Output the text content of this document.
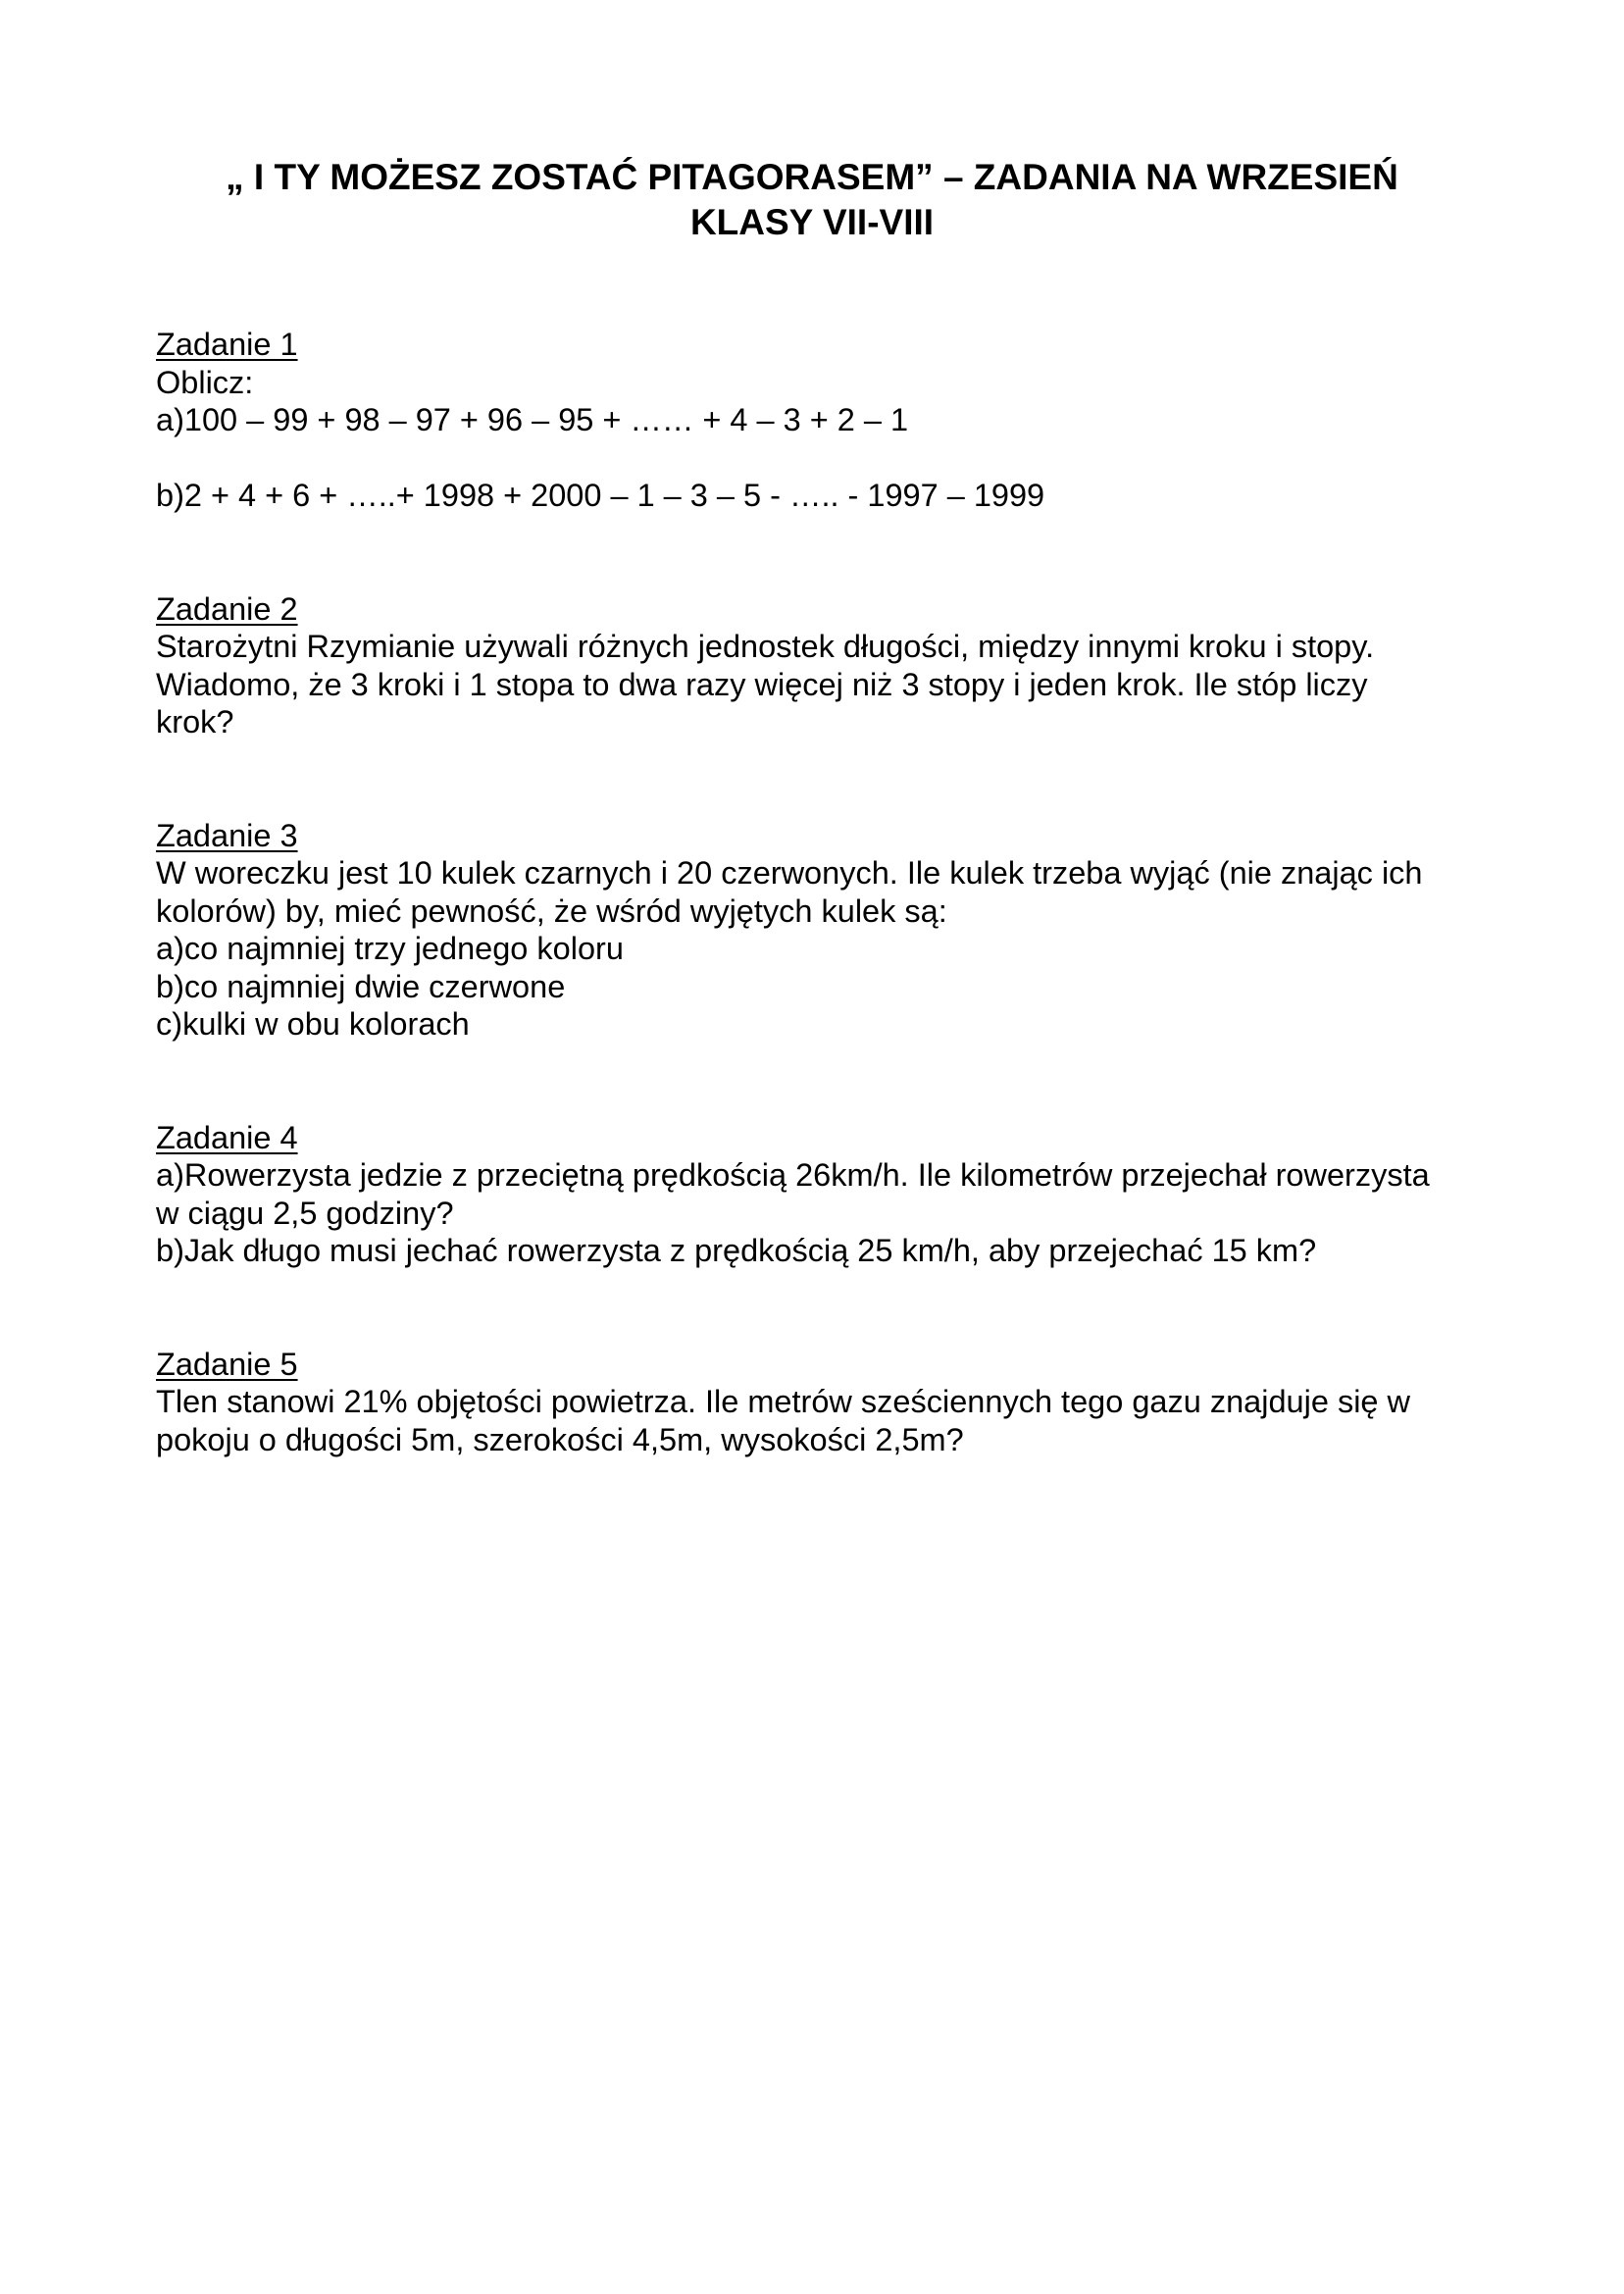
„ I TY MOŻESZ ZOSTAĆ PITAGORASEM” – ZADANIA NA WRZESIEŃ
KLASY VII-VIII
Zadanie 1
Oblicz:
a)100 – 99 + 98 – 97 + 96 – 95 + …… + 4 – 3 + 2 – 1
b)2 + 4 + 6 + …..+ 1998 + 2000 – 1 – 3 – 5 - ….. - 1997 – 1999
Zadanie 2
Starożytni Rzymianie używali różnych jednostek długości, między innymi kroku i stopy.
Wiadomo, że 3 kroki i 1 stopa to dwa razy więcej niż 3 stopy i jeden krok. Ile stóp liczy
krok?
Zadanie 3
W woreczku jest 10 kulek czarnych i 20 czerwonych. Ile kulek trzeba wyjąć (nie znając ich
kolorów) by, mieć pewność, że wśród wyjętych kulek są:
a)co najmniej trzy jednego koloru
b)co najmniej dwie czerwone
c)kulki w obu kolorach
Zadanie 4
a)Rowerzysta jedzie z przeciętną prędkością 26km/h. Ile kilometrów przejechał rowerzysta
w ciągu 2,5 godziny?
b)Jak długo musi jechać rowerzysta z prędkością 25 km/h, aby przejechać 15 km?
Zadanie 5
Tlen stanowi 21% objętości powietrza. Ile metrów sześciennych tego gazu znajduje się w
pokoju o długości 5m, szerokości 4,5m, wysokości 2,5m?
